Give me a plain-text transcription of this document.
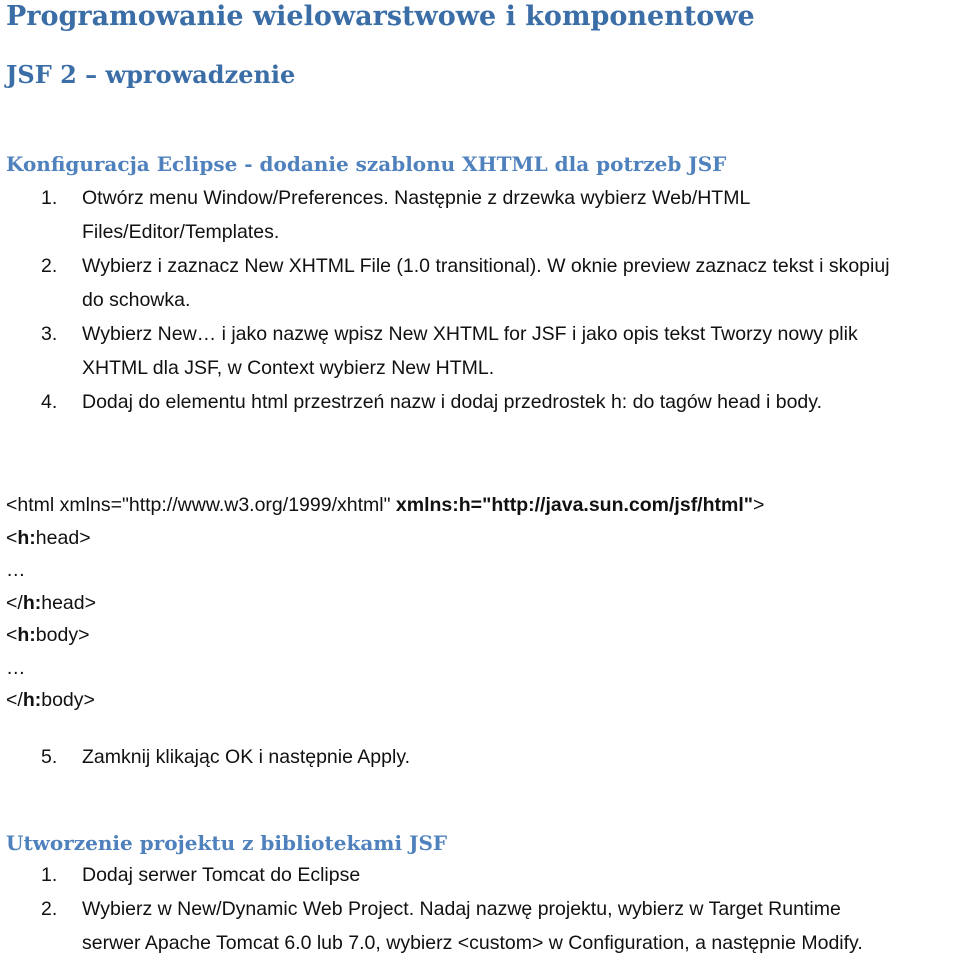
Programowanie wielowarstwowe i komponentowe
JSF 2 – wprowadzenie
Konfiguracja Eclipse - dodanie szablonu XHTML dla potrzeb JSF
1. Otwórz menu Window/Preferences. Następnie z drzewka wybierz Web/HTML
Files/Editor/Templates.
2. Wybierz i zaznacz New XHTML File (1.0 transitional). W oknie preview zaznacz tekst i skopiuj
do schowka.
3. Wybierz New… i jako nazwę wpisz New XHTML for JSF i jako opis tekst Tworzy nowy plik
XHTML dla JSF, w Context wybierz New HTML.
4. Dodaj do elementu html przestrzeń nazw i dodaj przedrostek h: do tagów head i body.
<html xmlns="http://www.w3.org/1999/xhtml" xmlns:h="http://java.sun.com/jsf/html">
<h:head>
…
</h:head>
<h:body>
…
</h:body>
5. Zamknij klikając OK i następnie Apply.
Utworzenie projektu z bibliotekami JSF
1. Dodaj serwer Tomcat do Eclipse
2. Wybierz w New/Dynamic Web Project. Nadaj nazwę projektu, wybierz w Target Runtime
serwer Apache Tomcat 6.0 lub 7.0, wybierz <custom> w Configuration, a następnie Modify.
